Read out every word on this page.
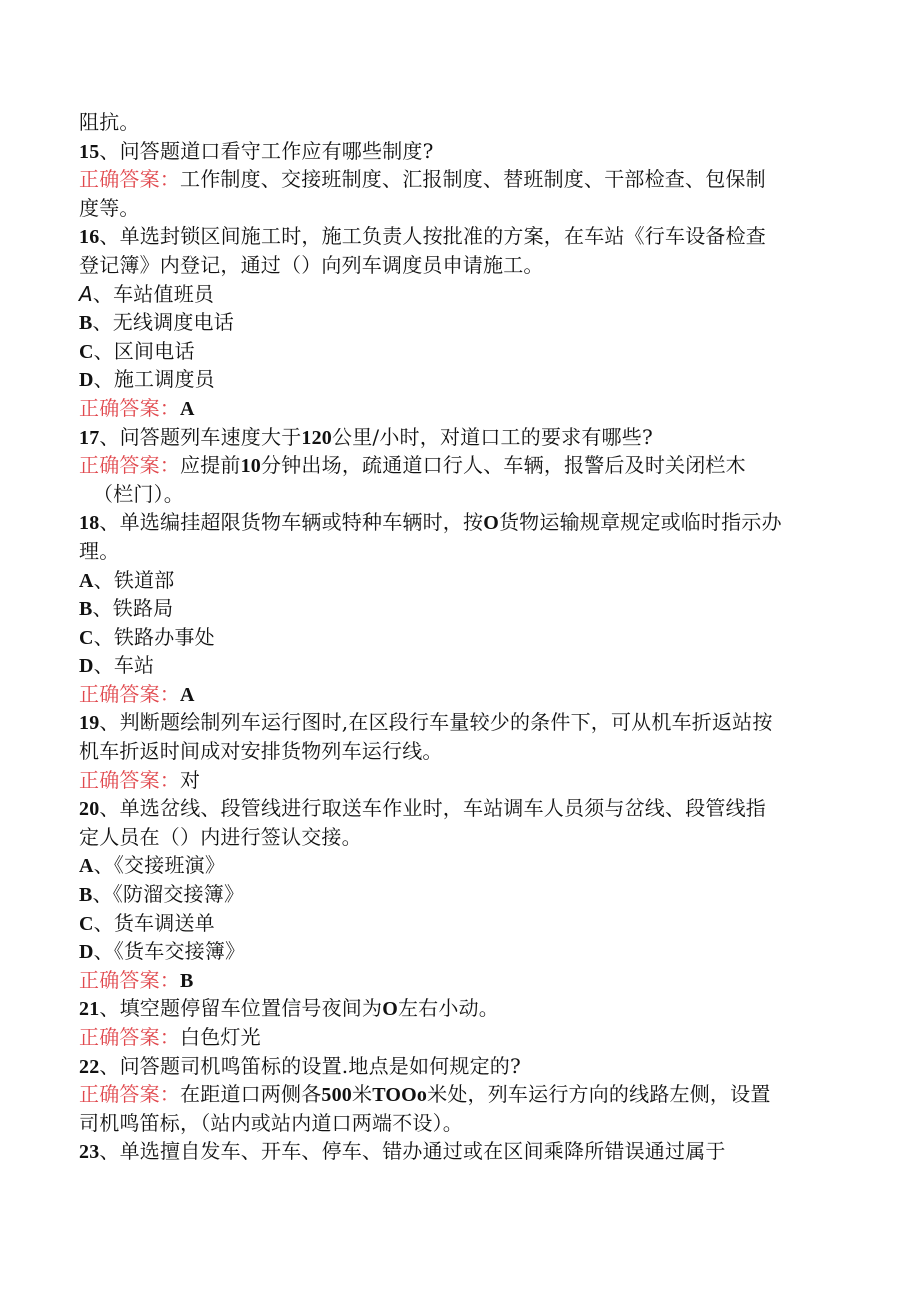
阻抗。
15、问答题道口看守工作应有哪些制度?
正确答案：工作制度、交接班制度、汇报制度、替班制度、干部检查、包保制
度等。
16、单选封锁区间施工时，施工负责人按批准的方案，在车站《行车设备检查
登记簿》内登记，通过（）向列车调度员申请施工。
A、车站值班员
B、无线调度电话
C、区间电话
D、施工调度员
正确答案：A
17、问答题列车速度大于120公里/小时，对道口工的要求有哪些?
正确答案：应提前10分钟出场，疏通道口行人、车辆，报警后及时关闭栏木
（栏门）。
18、单选编挂超限货物车辆或特种车辆时，按O货物运输规章规定或临时指示办
理。
A、铁道部
B、铁路局
C、铁路办事处
D、车站
正确答案：A
19、判断题绘制列车运行图时,在区段行车量较少的条件下，可从机车折返站按
机车折返时间成对安排货物列车运行线。
正确答案：对
20、单选岔线、段管线进行取送车作业时，车站调车人员须与岔线、段管线指
定人员在（）内进行签认交接。
A、《交接班演》
B、《防溜交接簿》
C、货车调送单
D、《货车交接簿》
正确答案：B
21、填空题停留车位置信号夜间为O左右小动。
正确答案：白色灯光
22、问答题司机鸣笛标的设置.地点是如何规定的?
正确答案：在距道口两侧各500米TOOo米处，列车运行方向的线路左侧，设置
司机鸣笛标，（站内或站内道口两端不设）。
23、单选擅自发车、开车、停车、错办通过或在区间乘降所错误通过属于
